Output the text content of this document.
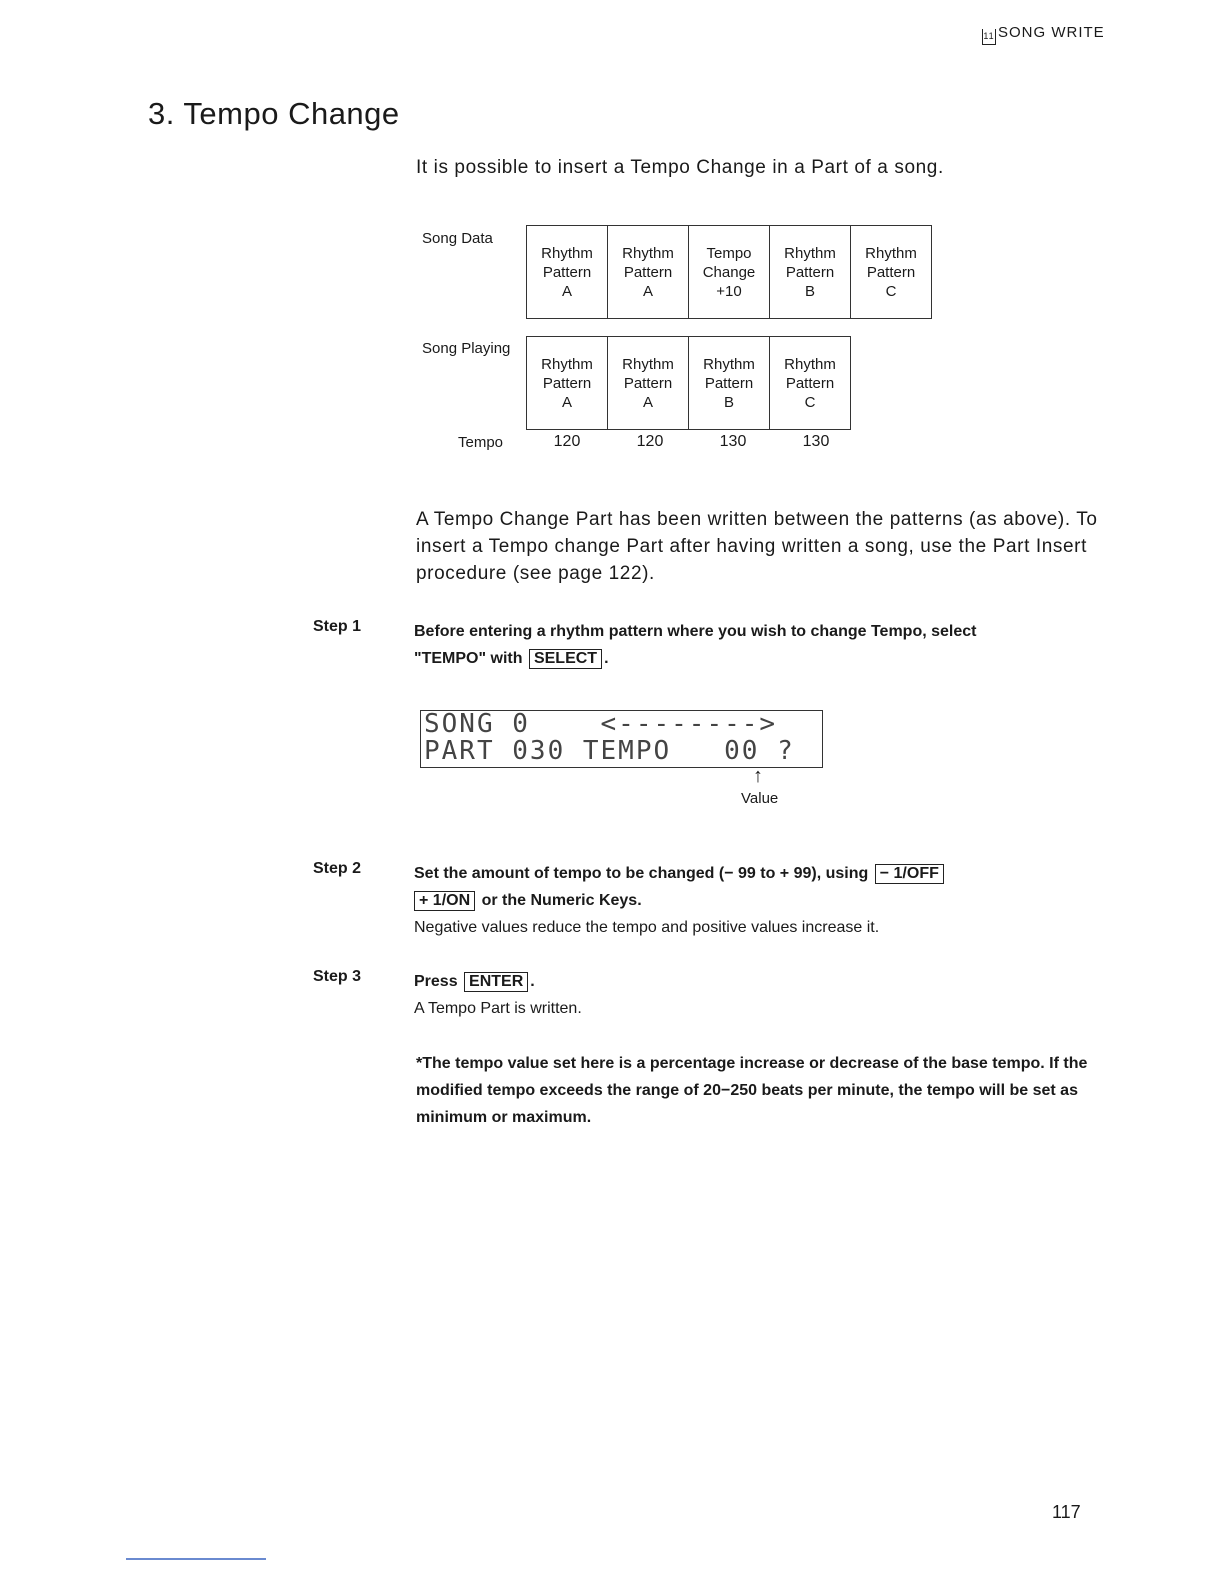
11 SONG WRITE
3. Tempo Change
It is possible to insert a Tempo Change in a Part of a song.
Song Data
Rhythm
Pattern
A

Rhythm
Pattern
A

Tempo
Change
+10

Rhythm
Pattern
B

Rhythm
Pattern
C
Song Playing
Rhythm
Pattern
A

Rhythm
Pattern
A

Rhythm
Pattern
B

Rhythm
Pattern
C
Tempo	120	120	130	130
A Tempo Change Part has been written between the patterns (as above). To insert a Tempo change Part after having written a song, use the Part Insert procedure (see page 122).
Step 1	Before entering a rhythm pattern where you wish to change Tempo, select
"TEMPO" with SELECT .
SONG 0    <-------->
PART 030 TEMPO   00 ?
↑
Value
Step 2	Set the amount of tempo to be changed (− 99 to + 99), using − 1/OFF
+ 1/ON or the Numeric Keys.
Negative values reduce the tempo and positive values increase it.
Step 3	Press ENTER .
A Tempo Part is written.
*The tempo value set here is a percentage increase or decrease of the base tempo. If the modified tempo exceeds the range of 20−250 beats per minute, the tempo will be set as minimum or maximum.
117
